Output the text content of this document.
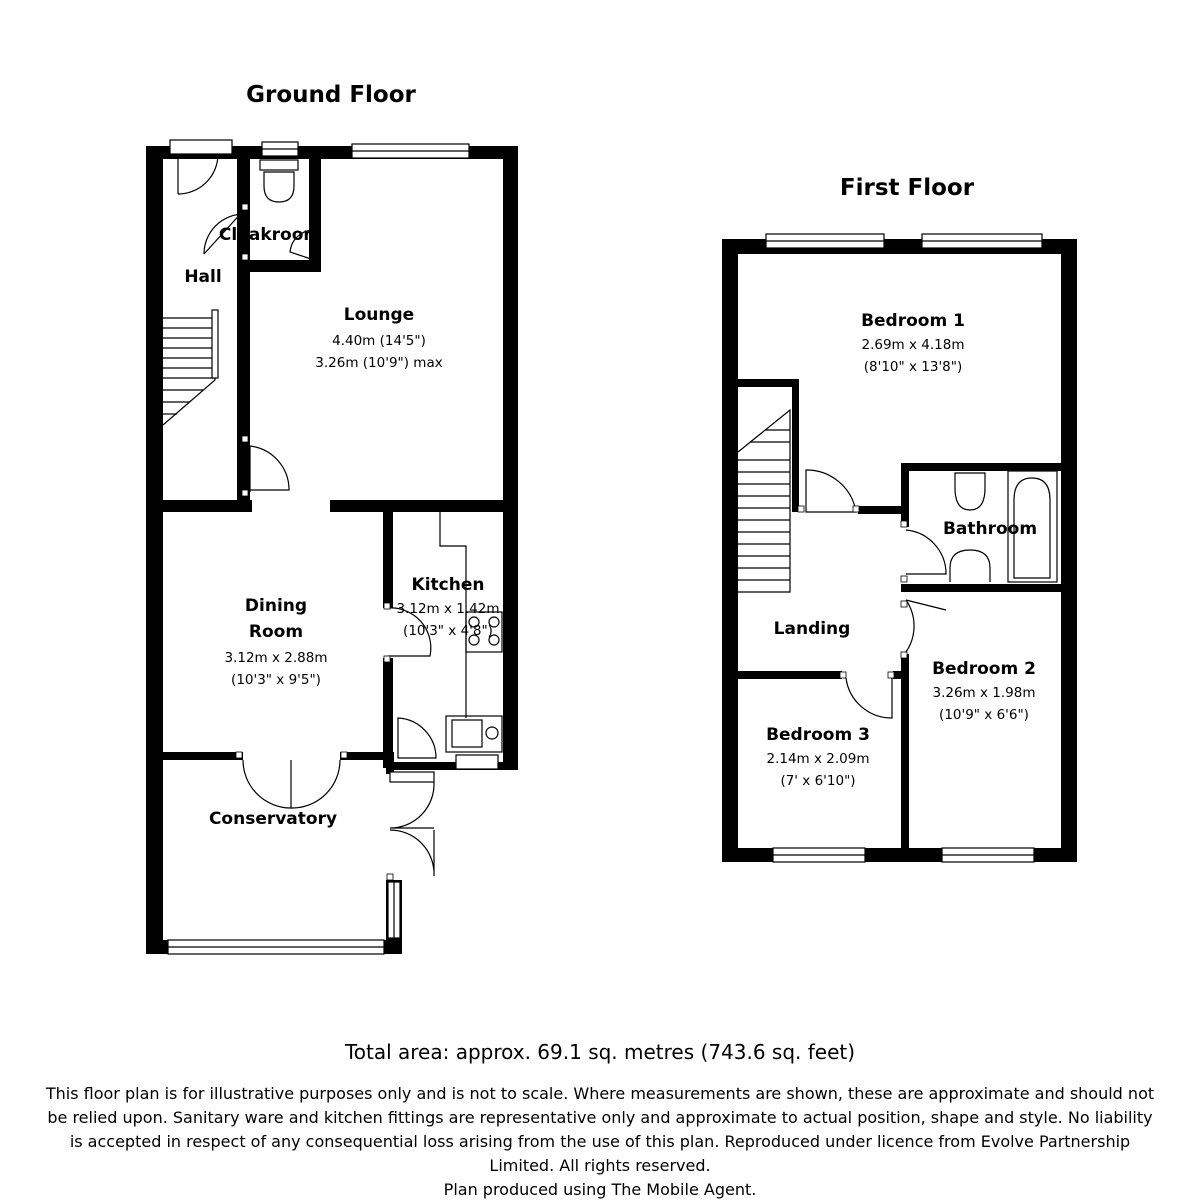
Ground Floor
Hall
Cloakroom
Lounge
4.40m (14'5")
3.26m (10'9") max
Dining
Room
3.12m x 2.88m
(10'3" x 9'5")
Kitchen
3.12m x 1.42m
(10'3" x 4'8")
Conservatory
First Floor
Bedroom 1
2.69m x 4.18m
(8'10" x 13'8")
Bathroom
Landing
Bedroom 2
3.26m x 1.98m
(10'9" x 6'6")
Bedroom 3
2.14m x 2.09m
(7' x 6'10")
Total area: approx. 69.1 sq. metres (743.6 sq. feet)
This floor plan is for illustrative purposes only and is not to scale. Where measurements are shown, these are approximate and should not
be relied upon. Sanitary ware and kitchen fittings are representative only and approximate to actual position, shape and style. No liability
is accepted in respect of any consequential loss arising from the use of this plan. Reproduced under licence from Evolve Partnership
Limited. All rights reserved.
Plan produced using The Mobile Agent.
